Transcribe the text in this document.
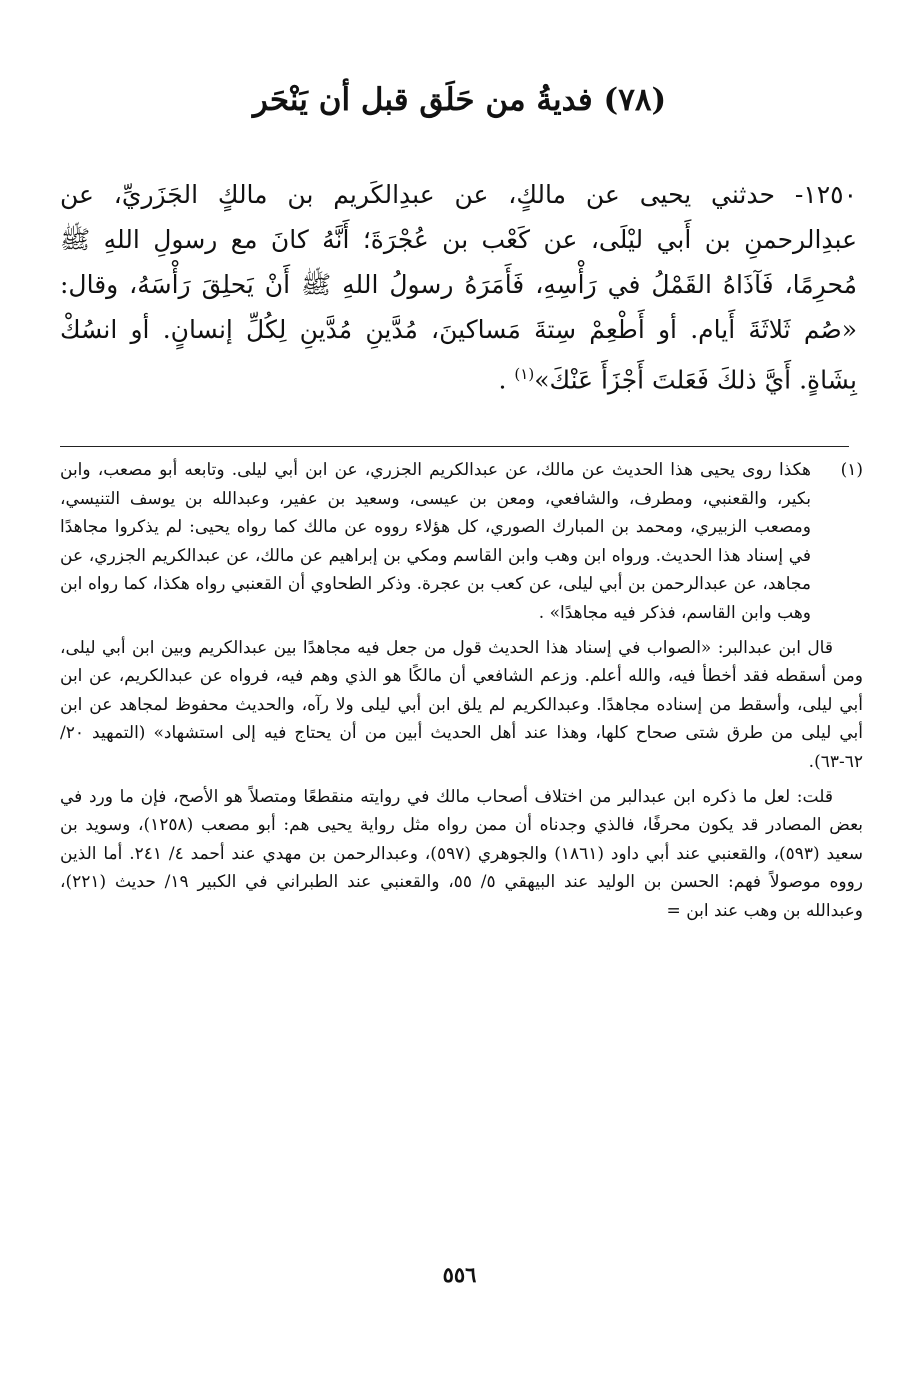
(٧٨) فديةُ من حَلَق قبل أن يَنْحَر

١٢٥٠- حدثني يحيى عن مالكٍ، عن عبدِالكَريم بن مالكٍ الجَزَريِّ، عن عبدِالرحمنِ بن أَبي ليْلَى، عن كَعْب بن عُجْرَةَ؛ أَنَّهُ كانَ مع رسولِ اللهِ ﷺ مُحرِمًا، فَآذَاهُ القَمْلُ في رَأْسِهِ، فَأَمَرَهُ رسولُ اللهِ ﷺ أَنْ يَحلِقَ رَأْسَهُ، وقال: «صُم ثَلاثَةَ أَيام. أو أَطْعِمْ سِتةَ مَساكينَ، مُدَّينِ مُدَّينِ لِكُلِّ إنسانٍ. أو انسُكْ بِشَاةٍ. أَيَّ ذلكَ فَعَلتَ أَجْزَأَ عَنْكَ»$^{(١)}$ .

(١)
هكذا روى يحيى هذا الحديث عن مالك، عن عبدالكريم الجزري، عن ابن أبي ليلى. وتابعه أبو مصعب، وابن بكير، والقعنبي، ومطرف، والشافعي، ومعن بن عيسى، وسعيد بن عفير، وعبدالله بن يوسف التنيسي، ومصعب الزبيري، ومحمد بن المبارك الصوري، كل هؤلاء رووه عن مالك كما رواه يحيى: لم يذكروا مجاهدًا في إسناد هذا الحديث. ورواه ابن وهب وابن القاسم ومكي بن إبراهيم عن مالك، عن عبدالكريم الجزري، عن مجاهد، عن عبدالرحمن بن أبي ليلى، عن كعب بن عجرة. وذكر الطحاوي أن القعنبي رواه هكذا، كما رواه ابن وهب وابن القاسم، فذكر فيه مجاهدًا» .

قال ابن عبدالبر: «الصواب في إسناد هذا الحديث قول من جعل فيه مجاهدًا بين عبدالكريم وبين ابن أبي ليلى، ومن أسقطه فقد أخطأ فيه، والله أعلم. وزعم الشافعي أن مالكًا هو الذي وهم فيه، فرواه عن عبدالكريم، عن ابن أبي ليلى، وأسقط من إسناده مجاهدًا. وعبدالكريم لم يلق ابن أبي ليلى ولا رآه، والحديث محفوظ لمجاهد عن ابن أبي ليلى من طرق شتى صحاح كلها، وهذا عند أهل الحديث أبين من أن يحتاج فيه إلى استشهاد» (التمهيد ٢٠/ ٦٢-٦٣).

قلت: لعل ما ذكره ابن عبدالبر من اختلاف أصحاب مالك في روايته منقطعًا ومتصلاً هو الأصح، فإن ما ورد في بعض المصادر قد يكون محرفًا، فالذي وجدناه أن ممن رواه مثل رواية يحيى هم: أبو مصعب (١٢٥٨)، وسويد بن سعيد (٥٩٣)، والقعنبي عند أبي داود (١٨٦١) والجوهري (٥٩٧)، وعبدالرحمن بن مهدي عند أحمد ٤/ ٢٤١. أما الذين رووه موصولاً فهم: الحسن بن الوليد عند البيهقي ٥/ ٥٥، والقعنبي عند الطبراني في الكبير ١٩/ حديث (٢٢١)، وعبدالله بن وهب عند ابن =

٥٥٦
